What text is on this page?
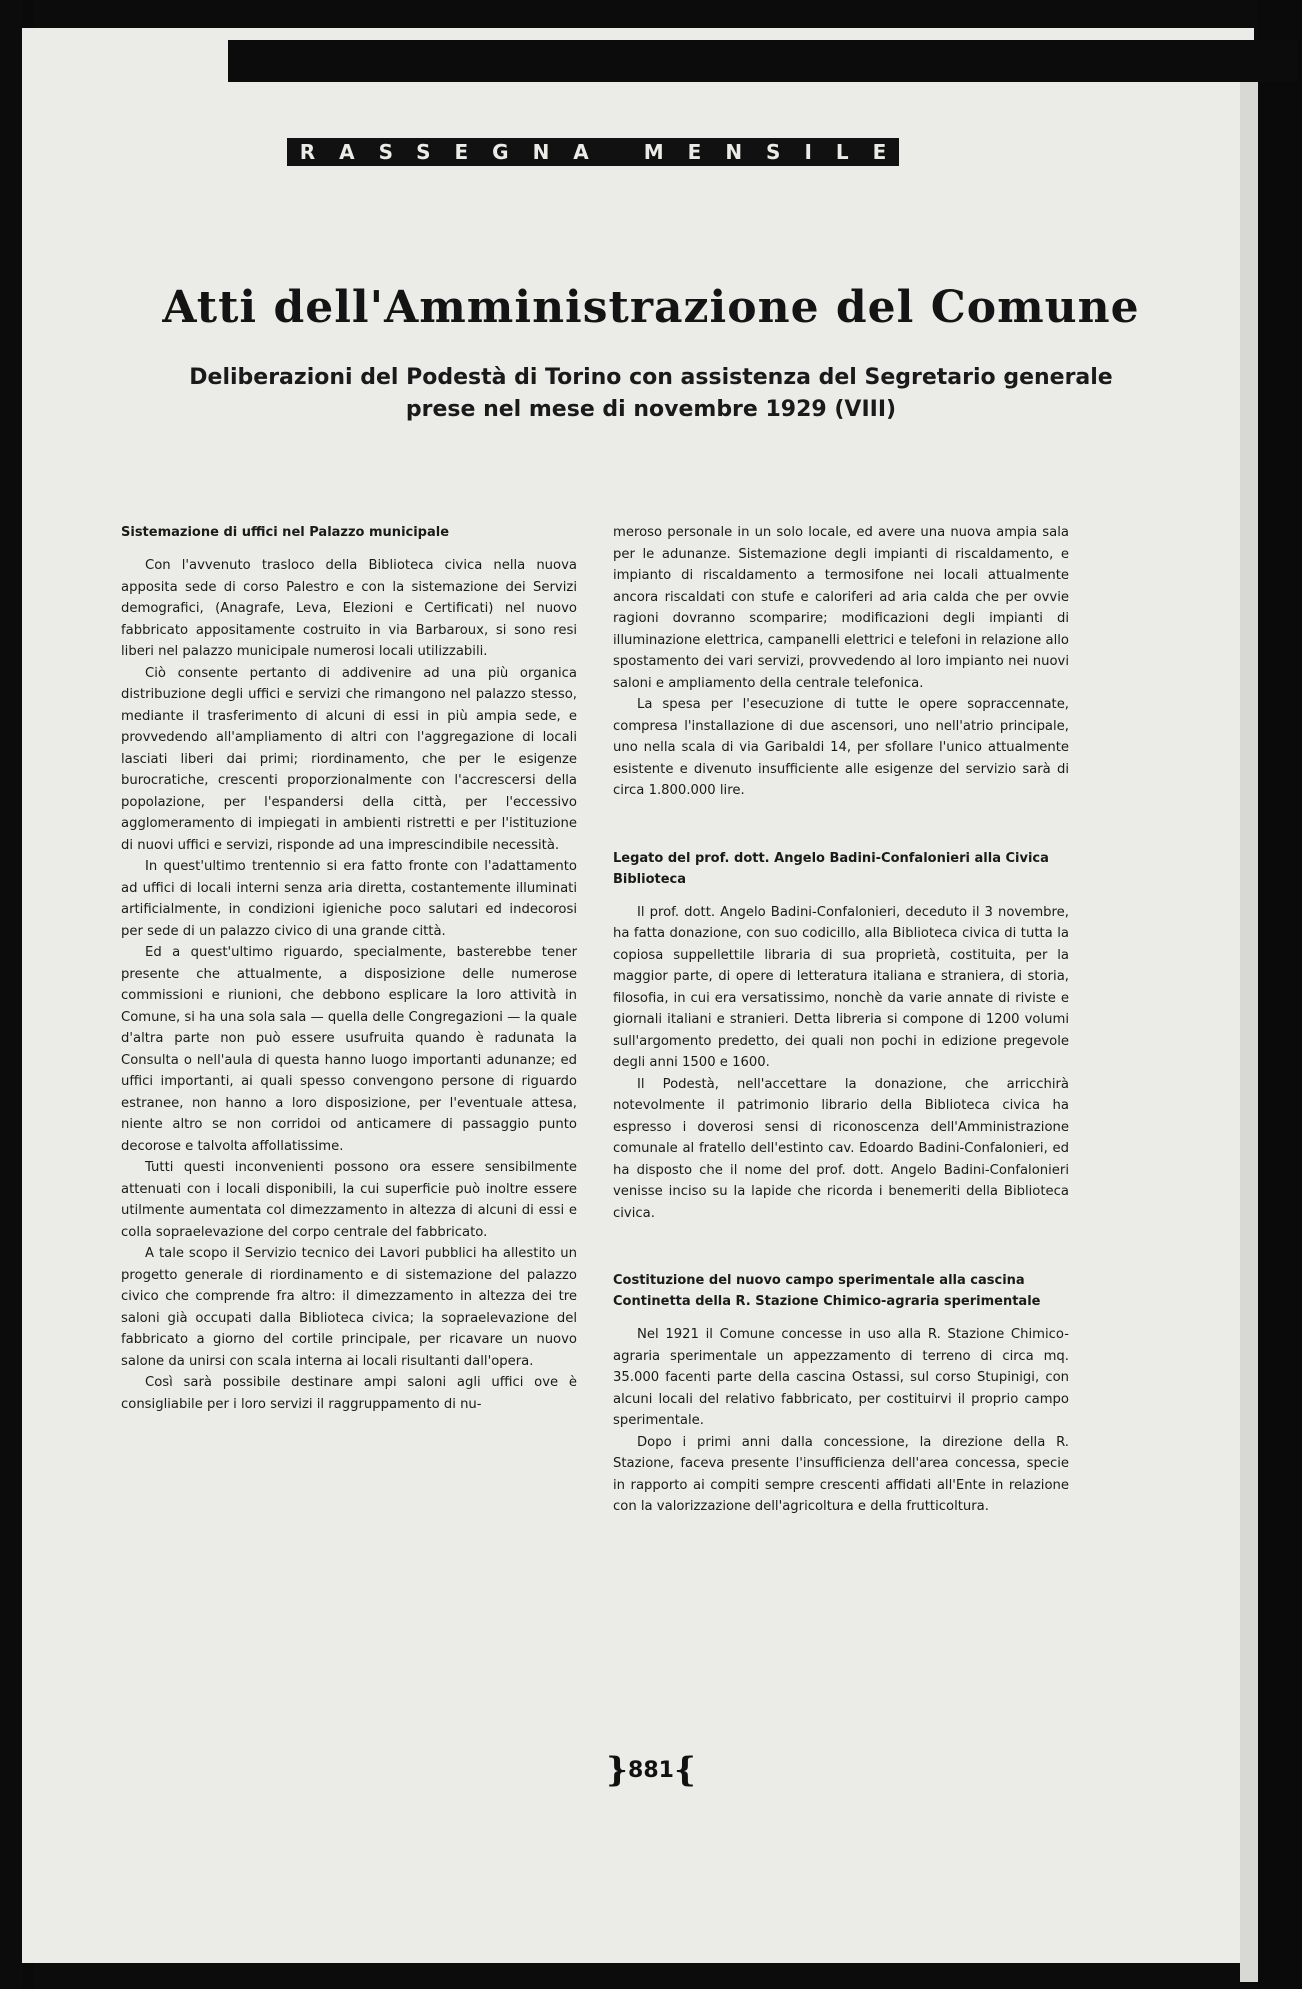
RASSEGNA MENSILE
Atti dell'Amministrazione del Comune
Deliberazioni del Podestà di Torino con assistenza del Segretario generale
prese nel mese di novembre 1929 (VIII)
Sistemazione di uffici nel Palazzo municipale

Con l'avvenuto trasloco della Biblioteca civica nella nuova apposita sede di corso Palestro e con la sistemazione dei Servizi demografici, (Anagrafe, Leva, Elezioni e Certificati) nel nuovo fabbricato appositamente costruito in via Barbaroux, si sono resi liberi nel palazzo municipale numerosi locali utilizzabili.

Ciò consente pertanto di addivenire ad una più organica distribuzione degli uffici e servizi che rimangono nel palazzo stesso, mediante il trasferimento di alcuni di essi in più ampia sede, e provvedendo all'ampliamento di altri con l'aggregazione di locali lasciati liberi dai primi; riordinamento, che per le esigenze burocratiche, crescenti proporzionalmente con l'accrescersi della popolazione, per l'espandersi della città, per l'eccessivo agglomeramento di impiegati in ambienti ristretti e per l'istituzione di nuovi uffici e servizi, risponde ad una imprescindibile necessità.

In quest'ultimo trentennio si era fatto fronte con l'adattamento ad uffici di locali interni senza aria diretta, costantemente illuminati artificialmente, in condizioni igieniche poco salutari ed indecorosi per sede di un palazzo civico di una grande città.

Ed a quest'ultimo riguardo, specialmente, basterebbe tener presente che attualmente, a disposizione delle numerose commissioni e riunioni, che debbono esplicare la loro attività in Comune, si ha una sola sala — quella delle Congregazioni — la quale d'altra parte non può essere usufruita quando è radunata la Consulta o nell'aula di questa hanno luogo importanti adunanze; ed uffici importanti, ai quali spesso convengono persone di riguardo estranee, non hanno a loro disposizione, per l'eventuale attesa, niente altro se non corridoi od anticamere di passaggio punto decorose e talvolta affollatissime.

Tutti questi inconvenienti possono ora essere sensibilmente attenuati con i locali disponibili, la cui superficie può inoltre essere utilmente aumentata col dimezzamento in altezza di alcuni di essi e colla sopraelevazione del corpo centrale del fabbricato.

A tale scopo il Servizio tecnico dei Lavori pubblici ha allestito un progetto generale di riordinamento e di sistemazione del palazzo civico che comprende fra altro: il dimezzamento in altezza dei tre saloni già occupati dalla Biblioteca civica; la sopraelevazione del fabbricato a giorno del cortile principale, per ricavare un nuovo salone da unirsi con scala interna ai locali risultanti dall'opera.

Così sarà possibile destinare ampi saloni agli uffici ove è consigliabile per i loro servizi il raggruppamento di nu-

meroso personale in un solo locale, ed avere una nuova ampia sala per le adunanze. Sistemazione degli impianti di riscaldamento, e impianto di riscaldamento a termosifone nei locali attualmente ancora riscaldati con stufe e caloriferi ad aria calda che per ovvie ragioni dovranno scomparire; modificazioni degli impianti di illuminazione elettrica, campanelli elettrici e telefoni in relazione allo spostamento dei vari servizi, provvedendo al loro impianto nei nuovi saloni e ampliamento della centrale telefonica.

La spesa per l'esecuzione di tutte le opere sopraccennate, compresa l'installazione di due ascensori, uno nell'atrio principale, uno nella scala di via Garibaldi 14, per sfollare l'unico attualmente esistente e divenuto insufficiente alle esigenze del servizio sarà di circa 1.800.000 lire.

Legato del prof. dott. Angelo Badini-Confalonieri alla Civica Biblioteca

Il prof. dott. Angelo Badini-Confalonieri, deceduto il 3 novembre, ha fatta donazione, con suo codicillo, alla Biblioteca civica di tutta la copiosa suppellettile libraria di sua proprietà, costituita, per la maggior parte, di opere di letteratura italiana e straniera, di storia, filosofia, in cui era versatissimo, nonchè da varie annate di riviste e giornali italiani e stranieri. Detta libreria si compone di 1200 volumi sull'argomento predetto, dei quali non pochi in edizione pregevole degli anni 1500 e 1600.

Il Podestà, nell'accettare la donazione, che arricchirà notevolmente il patrimonio librario della Biblioteca civica ha espresso i doverosi sensi di riconoscenza dell'Amministrazione comunale al fratello dell'estinto cav. Edoardo Badini-Confalonieri, ed ha disposto che il nome del prof. dott. Angelo Badini-Confalonieri venisse inciso su la lapide che ricorda i benemeriti della Biblioteca civica.

Costituzione del nuovo campo sperimentale alla cascina Continetta della R. Stazione Chimico-agraria sperimentale

Nel 1921 il Comune concesse in uso alla R. Stazione Chimico-agraria sperimentale un appezzamento di terreno di circa mq. 35.000 facenti parte della cascina Ostassi, sul corso Stupinigi, con alcuni locali del relativo fabbricato, per costituirvi il proprio campo sperimentale.

Dopo i primi anni dalla concessione, la direzione della R. Stazione, faceva presente l'insufficienza dell'area concessa, specie in rapporto ai compiti sempre crescenti affidati all'Ente in relazione con la valorizzazione dell'agricoltura e della frutticoltura.

}881{
